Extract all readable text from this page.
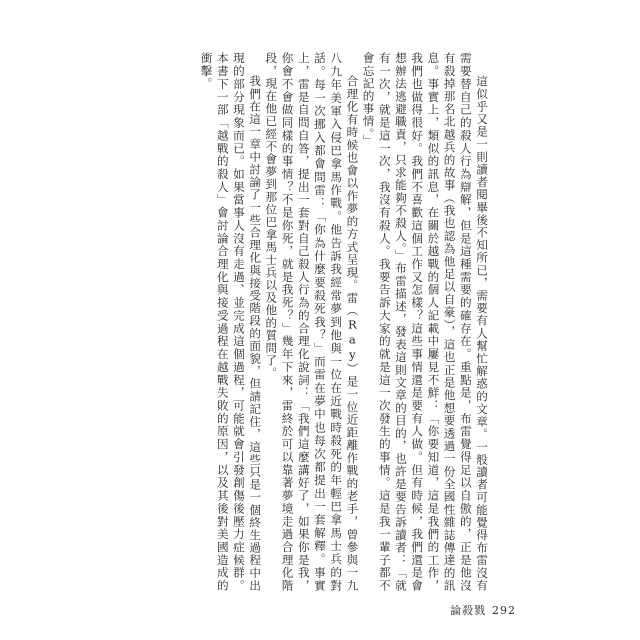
這似乎又是一則讀者閱畢後不知所已，需要有人幫忙解惑的文章。一般讀者可能覺得布雷沒有需要替自己的殺人行為辯解，但是這種需要的確存在。重點是，布雷覺得足以自傲的，正是他沒有殺掉那名北越兵的故事（我也認為他足以自豪），這也正是他想要透過一份全國性雜誌傳達的訊息。事實上，類似的訊息，在關於越戰的個人記載中屢見不鮮：「你要知道，這是我們的工作，我們也做得很好。我們不喜歡這個工作又怎樣？這些事情還是要有人做。但有時候，我們還是會想辦法逃避職責，只求能夠不殺人。」布雷描述，發表這則文章的目的，也許是要告訴讀者：「就有一次，就是這一次，我沒有殺人。我要告訴大家的就是這一次發生的事情。這是我一輩子都不會忘記的事情。」

合理化有時候也會以作夢的方式呈現。雷（Ray）是一位近距離作戰的老手，曾參與一九八九年美軍入侵巴拿馬作戰。他告訴我經常夢到他與一位在近戰時殺死的年輕巴拿馬士兵的對話。每一次挪入都會問雷：「你為什麼要殺死我？」而雷在夢中也每次都提出一套解釋。事實上，雷是自問自答，提出一套對自己殺人行為的合理化說詞：「我們這麼講好了，如果你是我，你會不會做同樣的事情？不是你死，就是我死？」幾年下來，雷終於可以靠著夢境走過合理化階段，現在他已經不會夢到那位巴拿馬士兵以及他的質問了。

我們在這一章中討論了一些合理化與接受階段的面貌，但請記住，這些只是一個終生過程中出現的部分現象而已。如果當事人沒有走過、並完成這個過程，可能就會引發創傷後壓力症候群。本書下一部「越戰的殺人」會討論合理化與接受過程在越戰失敗的原因，以及其後對美國造成的衝擊。

論殺戮 292
